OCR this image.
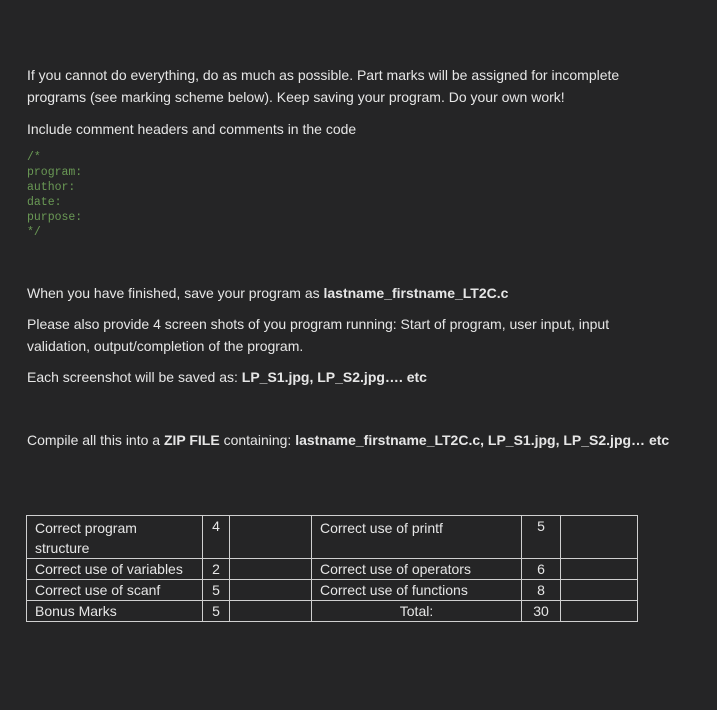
If you cannot do everything, do as much as possible. Part marks will be assigned for incomplete programs (see marking scheme below). Keep saving your program. Do your own work!

Include comment headers and comments in the code

/*
program:
author:
date:
purpose:
*/

When you have finished, save your program as lastname_firstname_LT2C.c

Please also provide 4 screen shots of you program running: Start of program, user input, input validation, output/completion of the program.

Each screenshot will be saved as: LP_S1.jpg, LP_S2.jpg…. etc

Compile all this into a ZIP FILE containing: lastname_firstname_LT2C.c, LP_S1.jpg, LP_S2.jpg… etc

Correct program structure	4		Correct use of printf	5	
Correct use of variables	2		Correct use of operators	6	
Correct use of scanf	5		Correct use of functions	8	
Bonus Marks	5		Total:	30	
